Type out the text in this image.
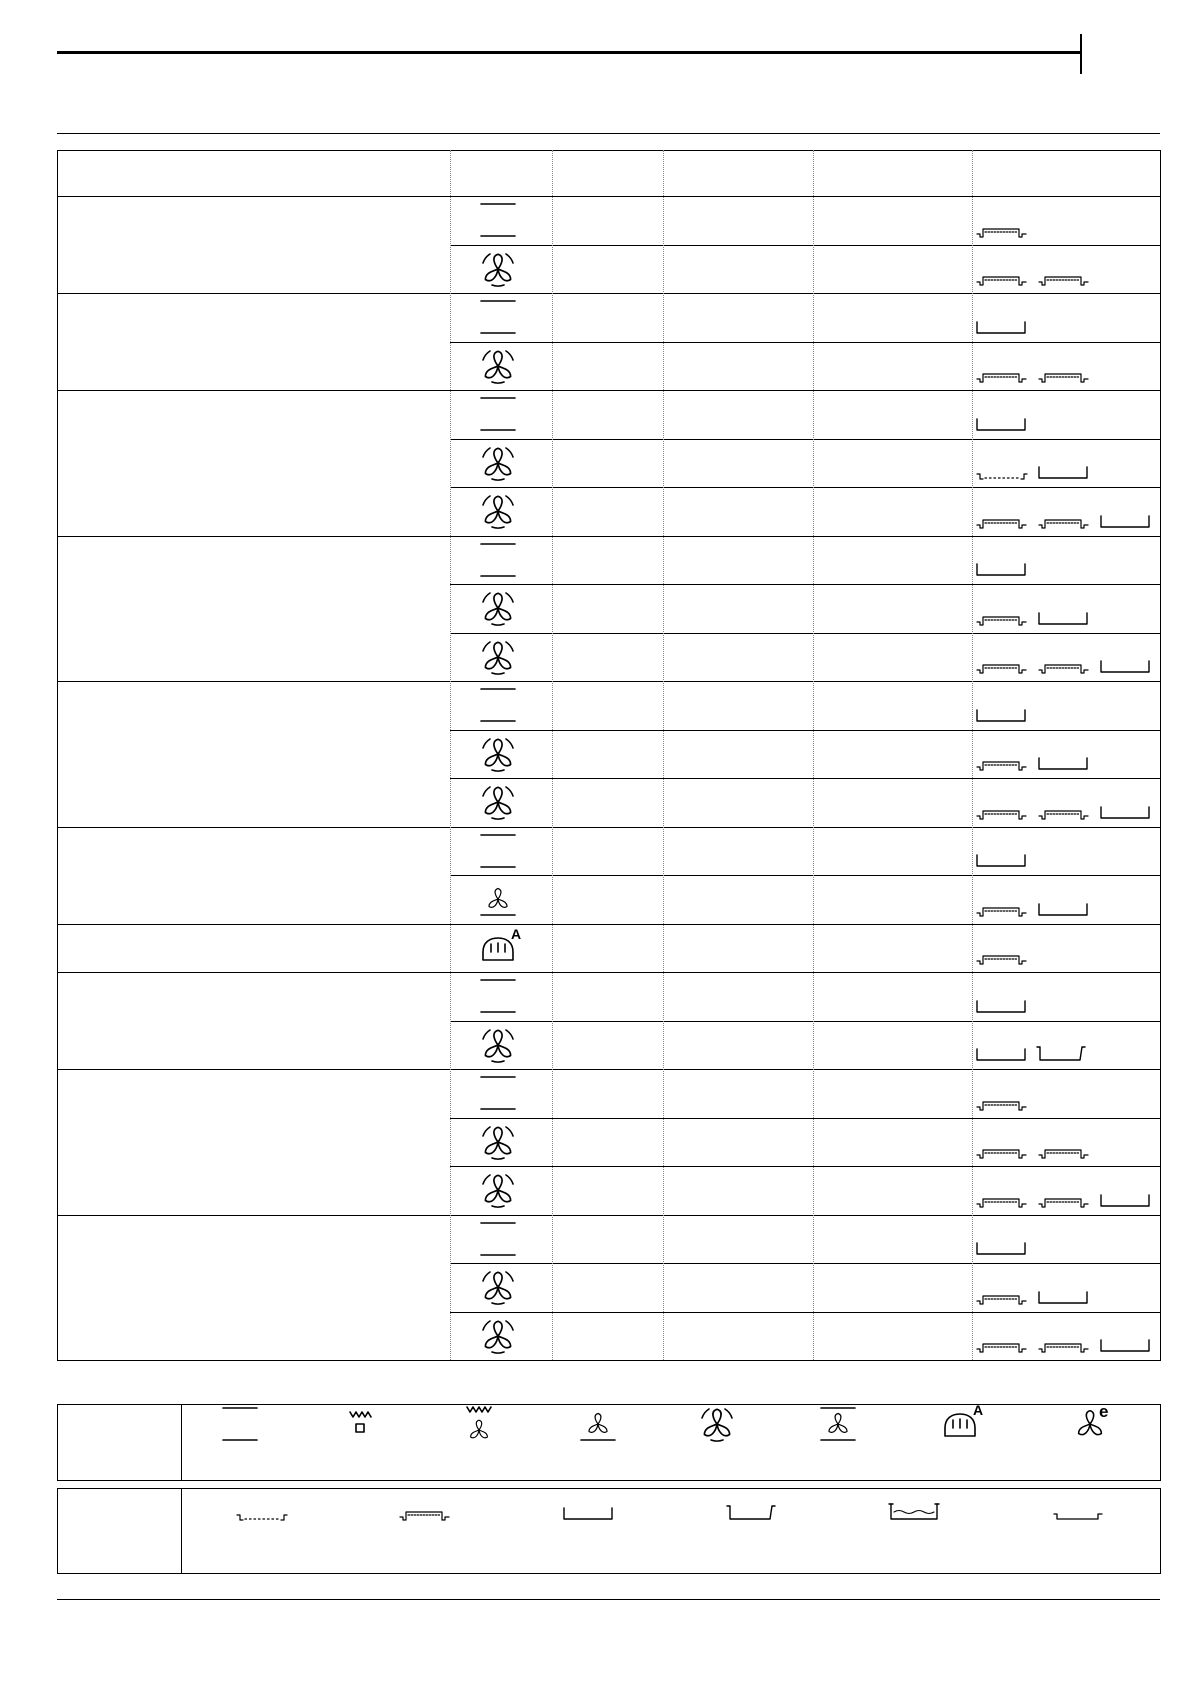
A
A	e
